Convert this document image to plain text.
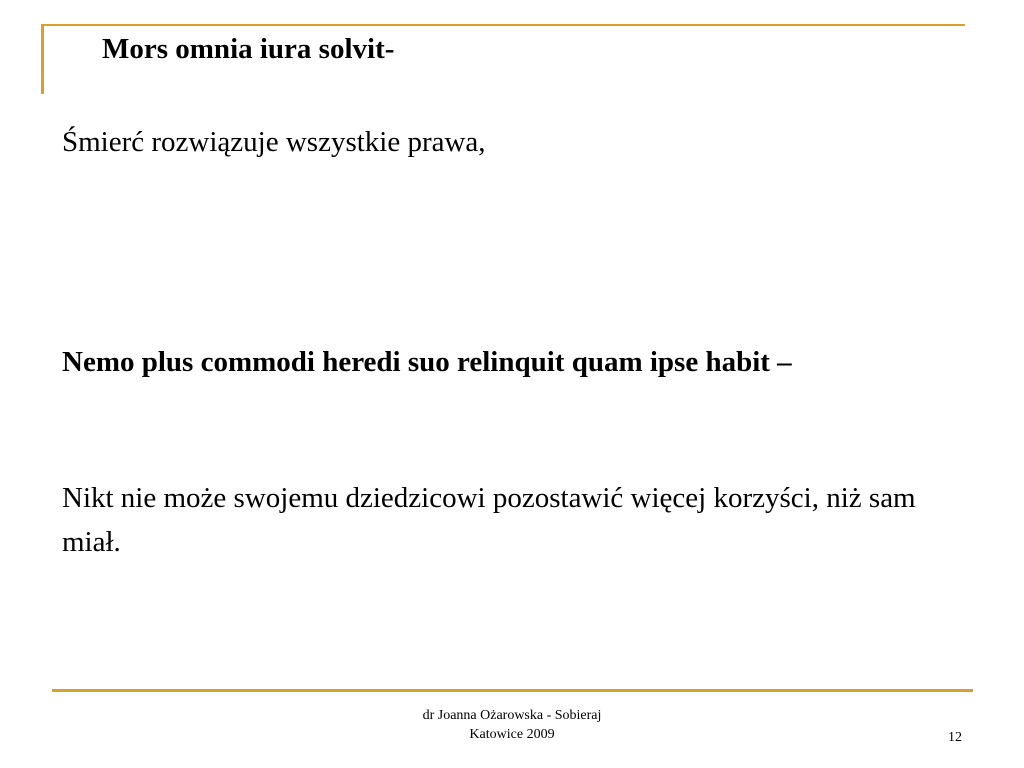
Mors omnia iura solvit-
Śmierć rozwiązuje wszystkie prawa,
Nemo plus commodi heredi suo relinquit quam ipse habit –
Nikt nie może swojemu dziedzicowi pozostawić więcej korzyści, niż sam miał.
dr Joanna Ożarowska - Sobieraj
Katowice 2009	12
